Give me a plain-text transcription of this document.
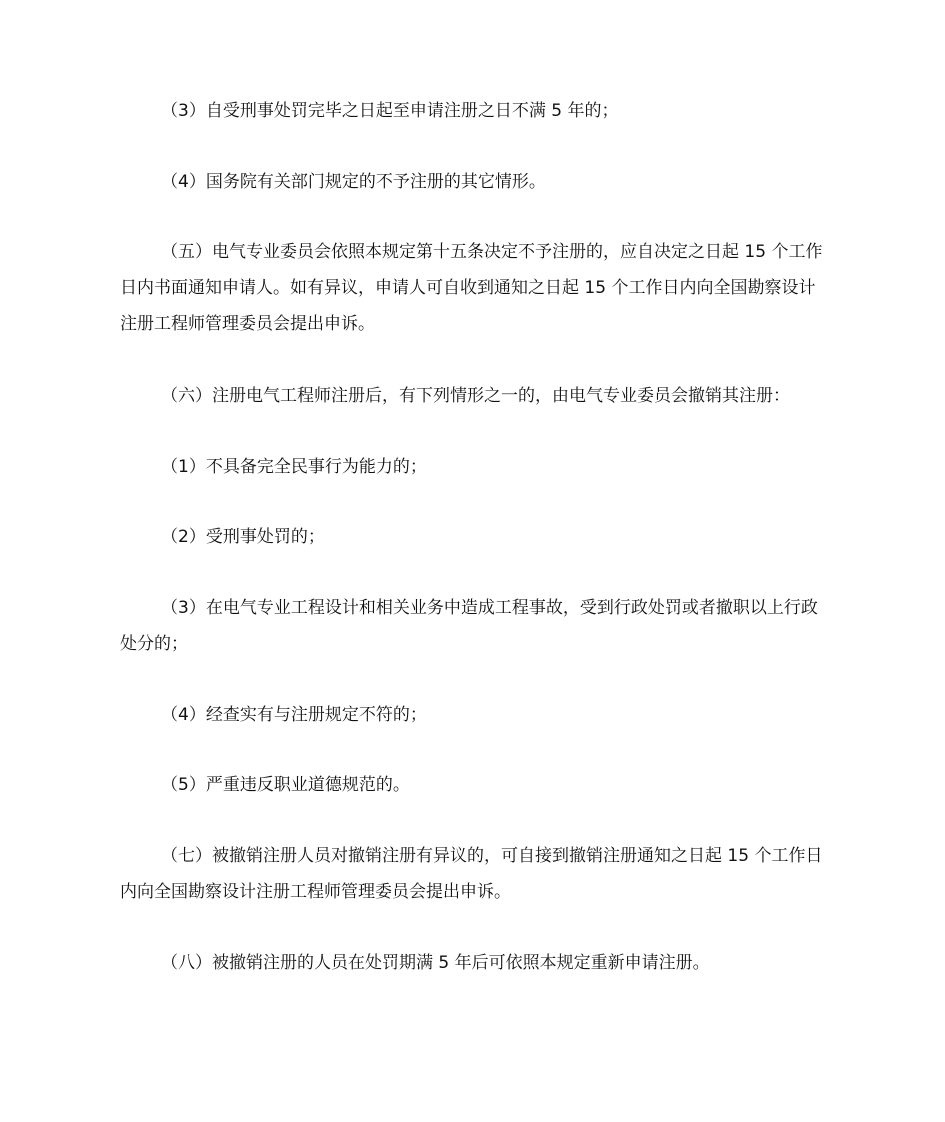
（3）自受刑事处罚完毕之日起至申请注册之日不满 5 年的；

（4）国务院有关部门规定的不予注册的其它情形。

（五）电气专业委员会依照本规定第十五条决定不予注册的，应自决定之日起 15 个工作日内书面通知申请人。如有异议，申请人可自收到通知之日起 15 个工作日内向全国勘察设计注册工程师管理委员会提出申诉。

（六）注册电气工程师注册后，有下列情形之一的，由电气专业委员会撤销其注册：

（1）不具备完全民事行为能力的；

（2）受刑事处罚的；

（3）在电气专业工程设计和相关业务中造成工程事故，受到行政处罚或者撤职以上行政处分的；

（4）经查实有与注册规定不符的；

（5）严重违反职业道德规范的。

（七）被撤销注册人员对撤销注册有异议的，可自接到撤销注册通知之日起 15 个工作日内向全国勘察设计注册工程师管理委员会提出申诉。

（八）被撤销注册的人员在处罚期满 5 年后可依照本规定重新申请注册。
